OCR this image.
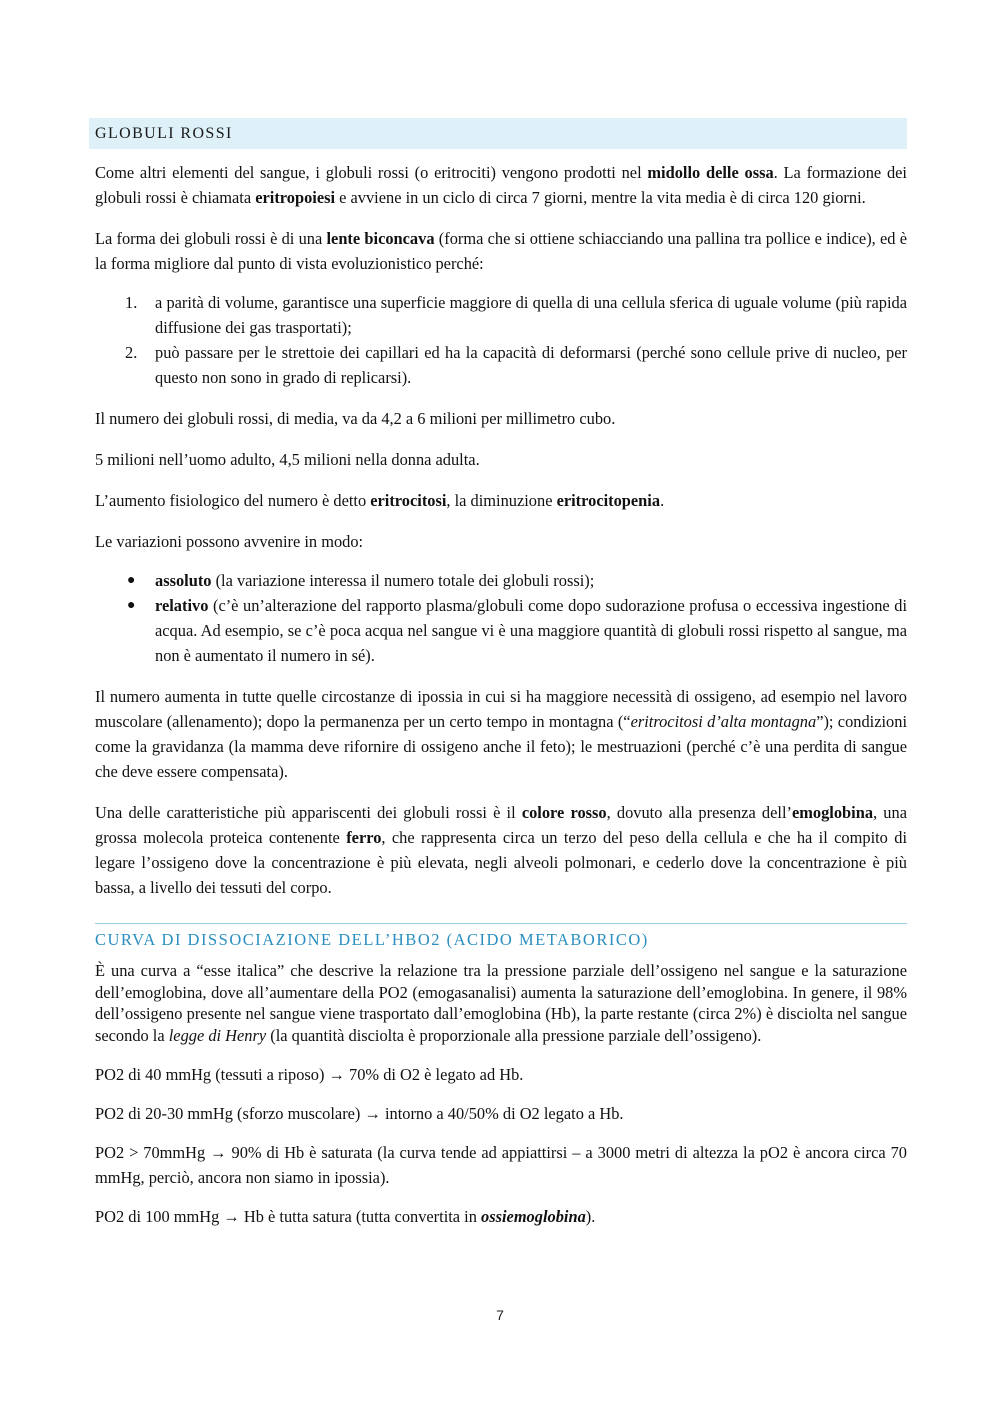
GLOBULI ROSSI

Come altri elementi del sangue, i globuli rossi (o eritrociti) vengono prodotti nel midollo delle ossa. La formazione dei globuli rossi è chiamata eritropoiesi e avviene in un ciclo di circa 7 giorni, mentre la vita media è di circa 120 giorni.

La forma dei globuli rossi è di una lente biconcava (forma che si ottiene schiacciando una pallina tra pollice e indice), ed è la forma migliore dal punto di vista evoluzionistico perché:

1. a parità di volume, garantisce una superficie maggiore di quella di una cellula sferica di uguale volume (più rapida diffusione dei gas trasportati);
2. può passare per le strettoie dei capillari ed ha la capacità di deformarsi (perché sono cellule prive di nucleo, per questo non sono in grado di replicarsi).

Il numero dei globuli rossi, di media, va da 4,2 a 6 milioni per millimetro cubo.

5 milioni nell’uomo adulto, 4,5 milioni nella donna adulta.

L’aumento fisiologico del numero è detto eritrocitosi, la diminuzione eritrocitopenia.

Le variazioni possono avvenire in modo:

● assoluto (la variazione interessa il numero totale dei globuli rossi);
● relativo (c’è un’alterazione del rapporto plasma/globuli come dopo sudorazione profusa o eccessiva ingestione di acqua. Ad esempio, se c’è poca acqua nel sangue vi è una maggiore quantità di globuli rossi rispetto al sangue, ma non è aumentato il numero in sé).

Il numero aumenta in tutte quelle circostanze di ipossia in cui si ha maggiore necessità di ossigeno, ad esempio nel lavoro muscolare (allenamento); dopo la permanenza per un certo tempo in montagna (“eritrocitosi d’alta montagna”); condizioni come la gravidanza (la mamma deve rifornire di ossigeno anche il feto); le mestruazioni (perché c’è una perdita di sangue che deve essere compensata).

Una delle caratteristiche più appariscenti dei globuli rossi è il colore rosso, dovuto alla presenza dell’emoglobina, una grossa molecola proteica contenente ferro, che rappresenta circa un terzo del peso della cellula e che ha il compito di legare l’ossigeno dove la concentrazione è più elevata, negli alveoli polmonari, e cederlo dove la concentrazione è più bassa, a livello dei tessuti del corpo.

CURVA DI DISSOCIAZIONE DELL’HBO2 (ACIDO METABORICO)

È una curva a “esse italica” che descrive la relazione tra la pressione parziale dell’ossigeno nel sangue e la saturazione dell’emoglobina, dove all’aumentare della PO2 (emogasanalisi) aumenta la saturazione dell’emoglobina. In genere, il 98% dell’ossigeno presente nel sangue viene trasportato dall’emoglobina (Hb), la parte restante (circa 2%) è disciolta nel sangue secondo la legge di Henry (la quantità disciolta è proporzionale alla pressione parziale dell’ossigeno).

PO2 di 40 mmHg (tessuti a riposo) → 70% di O2 è legato ad Hb.

PO2 di 20-30 mmHg (sforzo muscolare) → intorno a 40/50% di O2 legato a Hb.

PO2 > 70mmHg → 90% di Hb è saturata (la curva tende ad appiattirsi – a 3000 metri di altezza la pO2 è ancora circa 70 mmHg, perciò, ancora non siamo in ipossia).

PO2 di 100 mmHg → Hb è tutta satura (tutta convertita in ossiemoglobina).

7
